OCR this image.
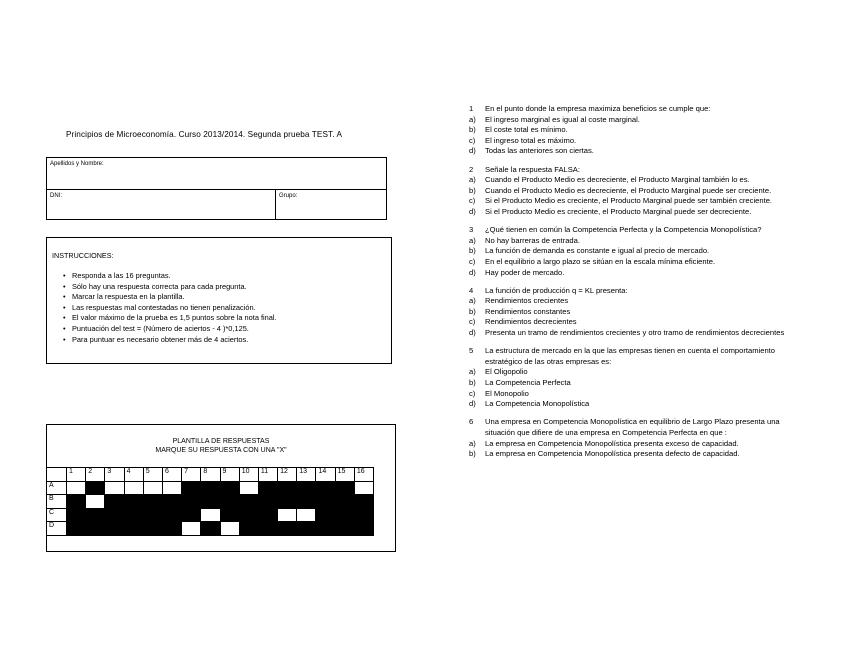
Principios de Microeconomía. Curso 2013/2014. Segunda prueba TEST. A
Apellidos y Nombre:
DNI:	Grupo:
INSTRUCCIONES:
• Responda a las 16 preguntas.
• Sólo hay una respuesta correcta para cada pregunta.
• Marcar la respuesta en la plantilla.
• Las respuestas mal contestadas no tienen penalización.
• El valor máximo de la prueba es 1,5 puntos sobre la nota final.
• Puntuación del test = (Número de aciertos - 4 )*0,125.
• Para puntuar es necesario obtener más de 4 aciertos.
PLANTILLA DE RESPUESTAS
MARQUE SU RESPUESTA CON UNA "X"
	1	2	3	4	5	6	7	8	9	10	11	12	13	14	15	16
A																
B																
C																
D																
1	En el punto donde la empresa maximiza beneficios se cumple que:
a)	El ingreso marginal es igual al coste marginal.
b)	El coste total es mínimo.
c)	El ingreso total es máximo.
d)	Todas las anteriores son ciertas.
2	Señale la respuesta FALSA:
a)	Cuando el Producto Medio es decreciente, el Producto Marginal también lo es.
b)	Cuando el Producto Medio es decreciente, el Producto Marginal puede ser creciente.
c)	Si el Producto Medio es creciente, el Producto Marginal puede ser también creciente.
d)	Si el Producto Medio es creciente, el Producto Marginal puede ser decreciente.
3	¿Qué tienen en común la Competencia Perfecta y la Competencia Monopolística?
a)	No hay barreras de entrada.
b)	La función de demanda es constante e igual al precio de mercado.
c)	En el equilibrio a largo plazo se sitúan en la escala mínima eficiente.
d)	Hay poder de mercado.
4	La función de producción q = KL presenta:
a)	Rendimientos crecientes
b)	Rendimientos constantes
c)	Rendimientos decrecientes
d)	Presenta un tramo de rendimientos crecientes y otro tramo de rendimientos decrecientes
5	La estructura de mercado en la que las empresas tienen en cuenta el comportamiento estratégico de las otras empresas es:
a)	El Oligopolio
b)	La Competencia Perfecta
c)	El Monopolio
d)	La Competencia Monopolística
6	Una empresa en Competencia Monopolística en equilibrio de Largo Plazo presenta una situación que difiere de una empresa en Competencia Perfecta en que :
a)	La empresa en Competencia Monopolística presenta exceso de capacidad.
b)	La empresa en Competencia Monopolística presenta defecto de capacidad.
